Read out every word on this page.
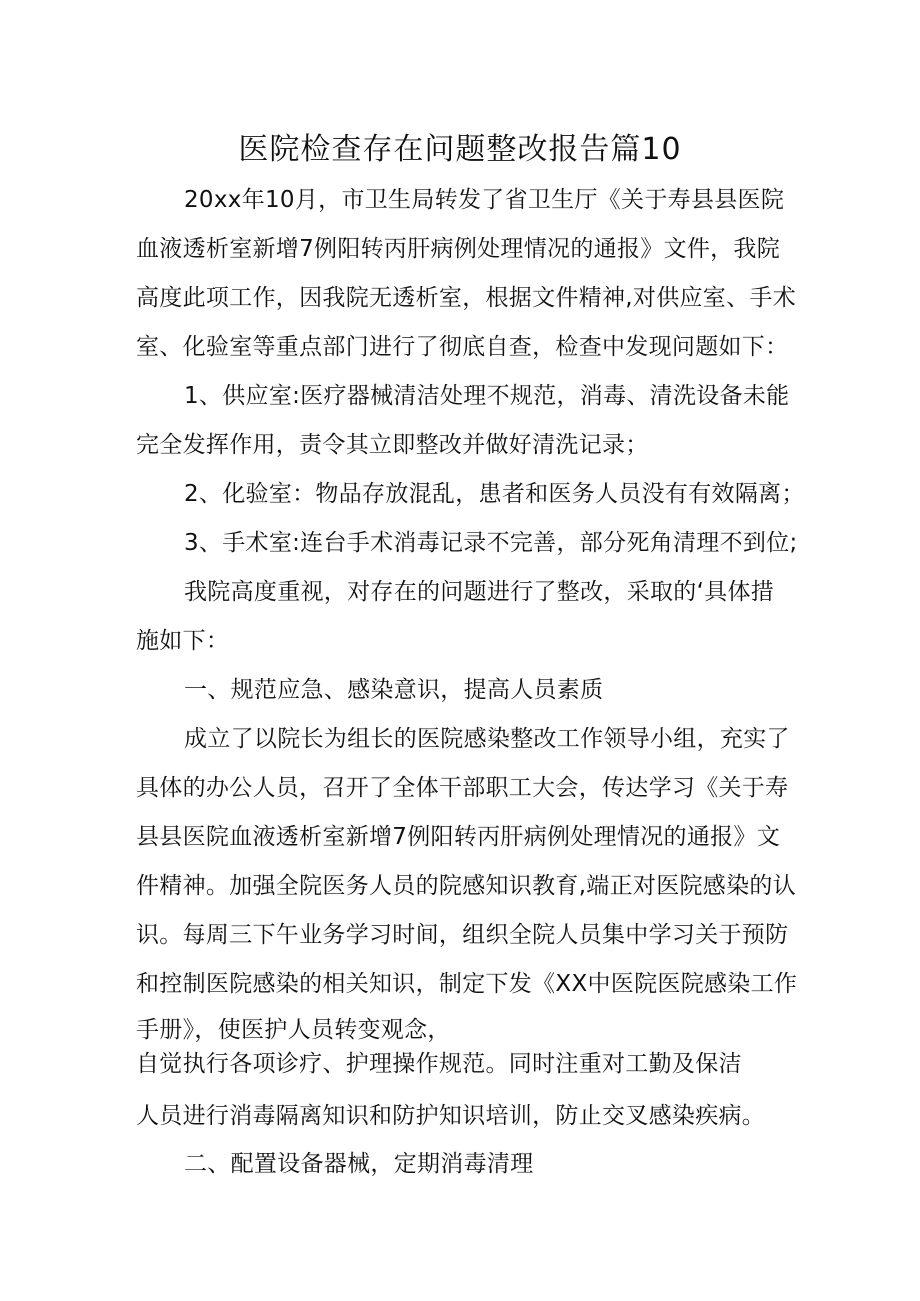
医院检查存在问题整改报告篇10
20xx年10月，市卫生局转发了省卫生厅《关于寿县县医院
血液透析室新增7例阳转丙肝病例处理情况的通报》文件，我院
高度此项工作，因我院无透析室，根据文件精神,对供应室、手术
室、化验室等重点部门进行了彻底自查，检查中发现问题如下：
1、供应室:医疗器械清洁处理不规范，消毒、清洗设备未能
完全发挥作用，责令其立即整改并做好清洗记录；
2、化验室：物品存放混乱，患者和医务人员没有有效隔离；
3、手术室:连台手术消毒记录不完善，部分死角清理不到位;
我院高度重视，对存在的问题进行了整改，采取的‘具体措
施如下：
一、规范应急、感染意识，提高人员素质
成立了以院长为组长的医院感染整改工作领导小组，充实了
具体的办公人员，召开了全体干部职工大会，传达学习《关于寿
县县医院血液透析室新增7例阳转丙肝病例处理情况的通报》文
件精神。加强全院医务人员的院感知识教育,端正对医院感染的认
识。每周三下午业务学习时间，组织全院人员集中学习关于预防
和控制医院感染的相关知识，制定下发《XX中医院医院感染工作
手册》，使医护人员转变观念，
自觉执行各项诊疗、护理操作规范。同时注重对工勤及保洁
人员进行消毒隔离知识和防护知识培训，防止交叉感染疾病。
二、配置设备器械，定期消毒清理
